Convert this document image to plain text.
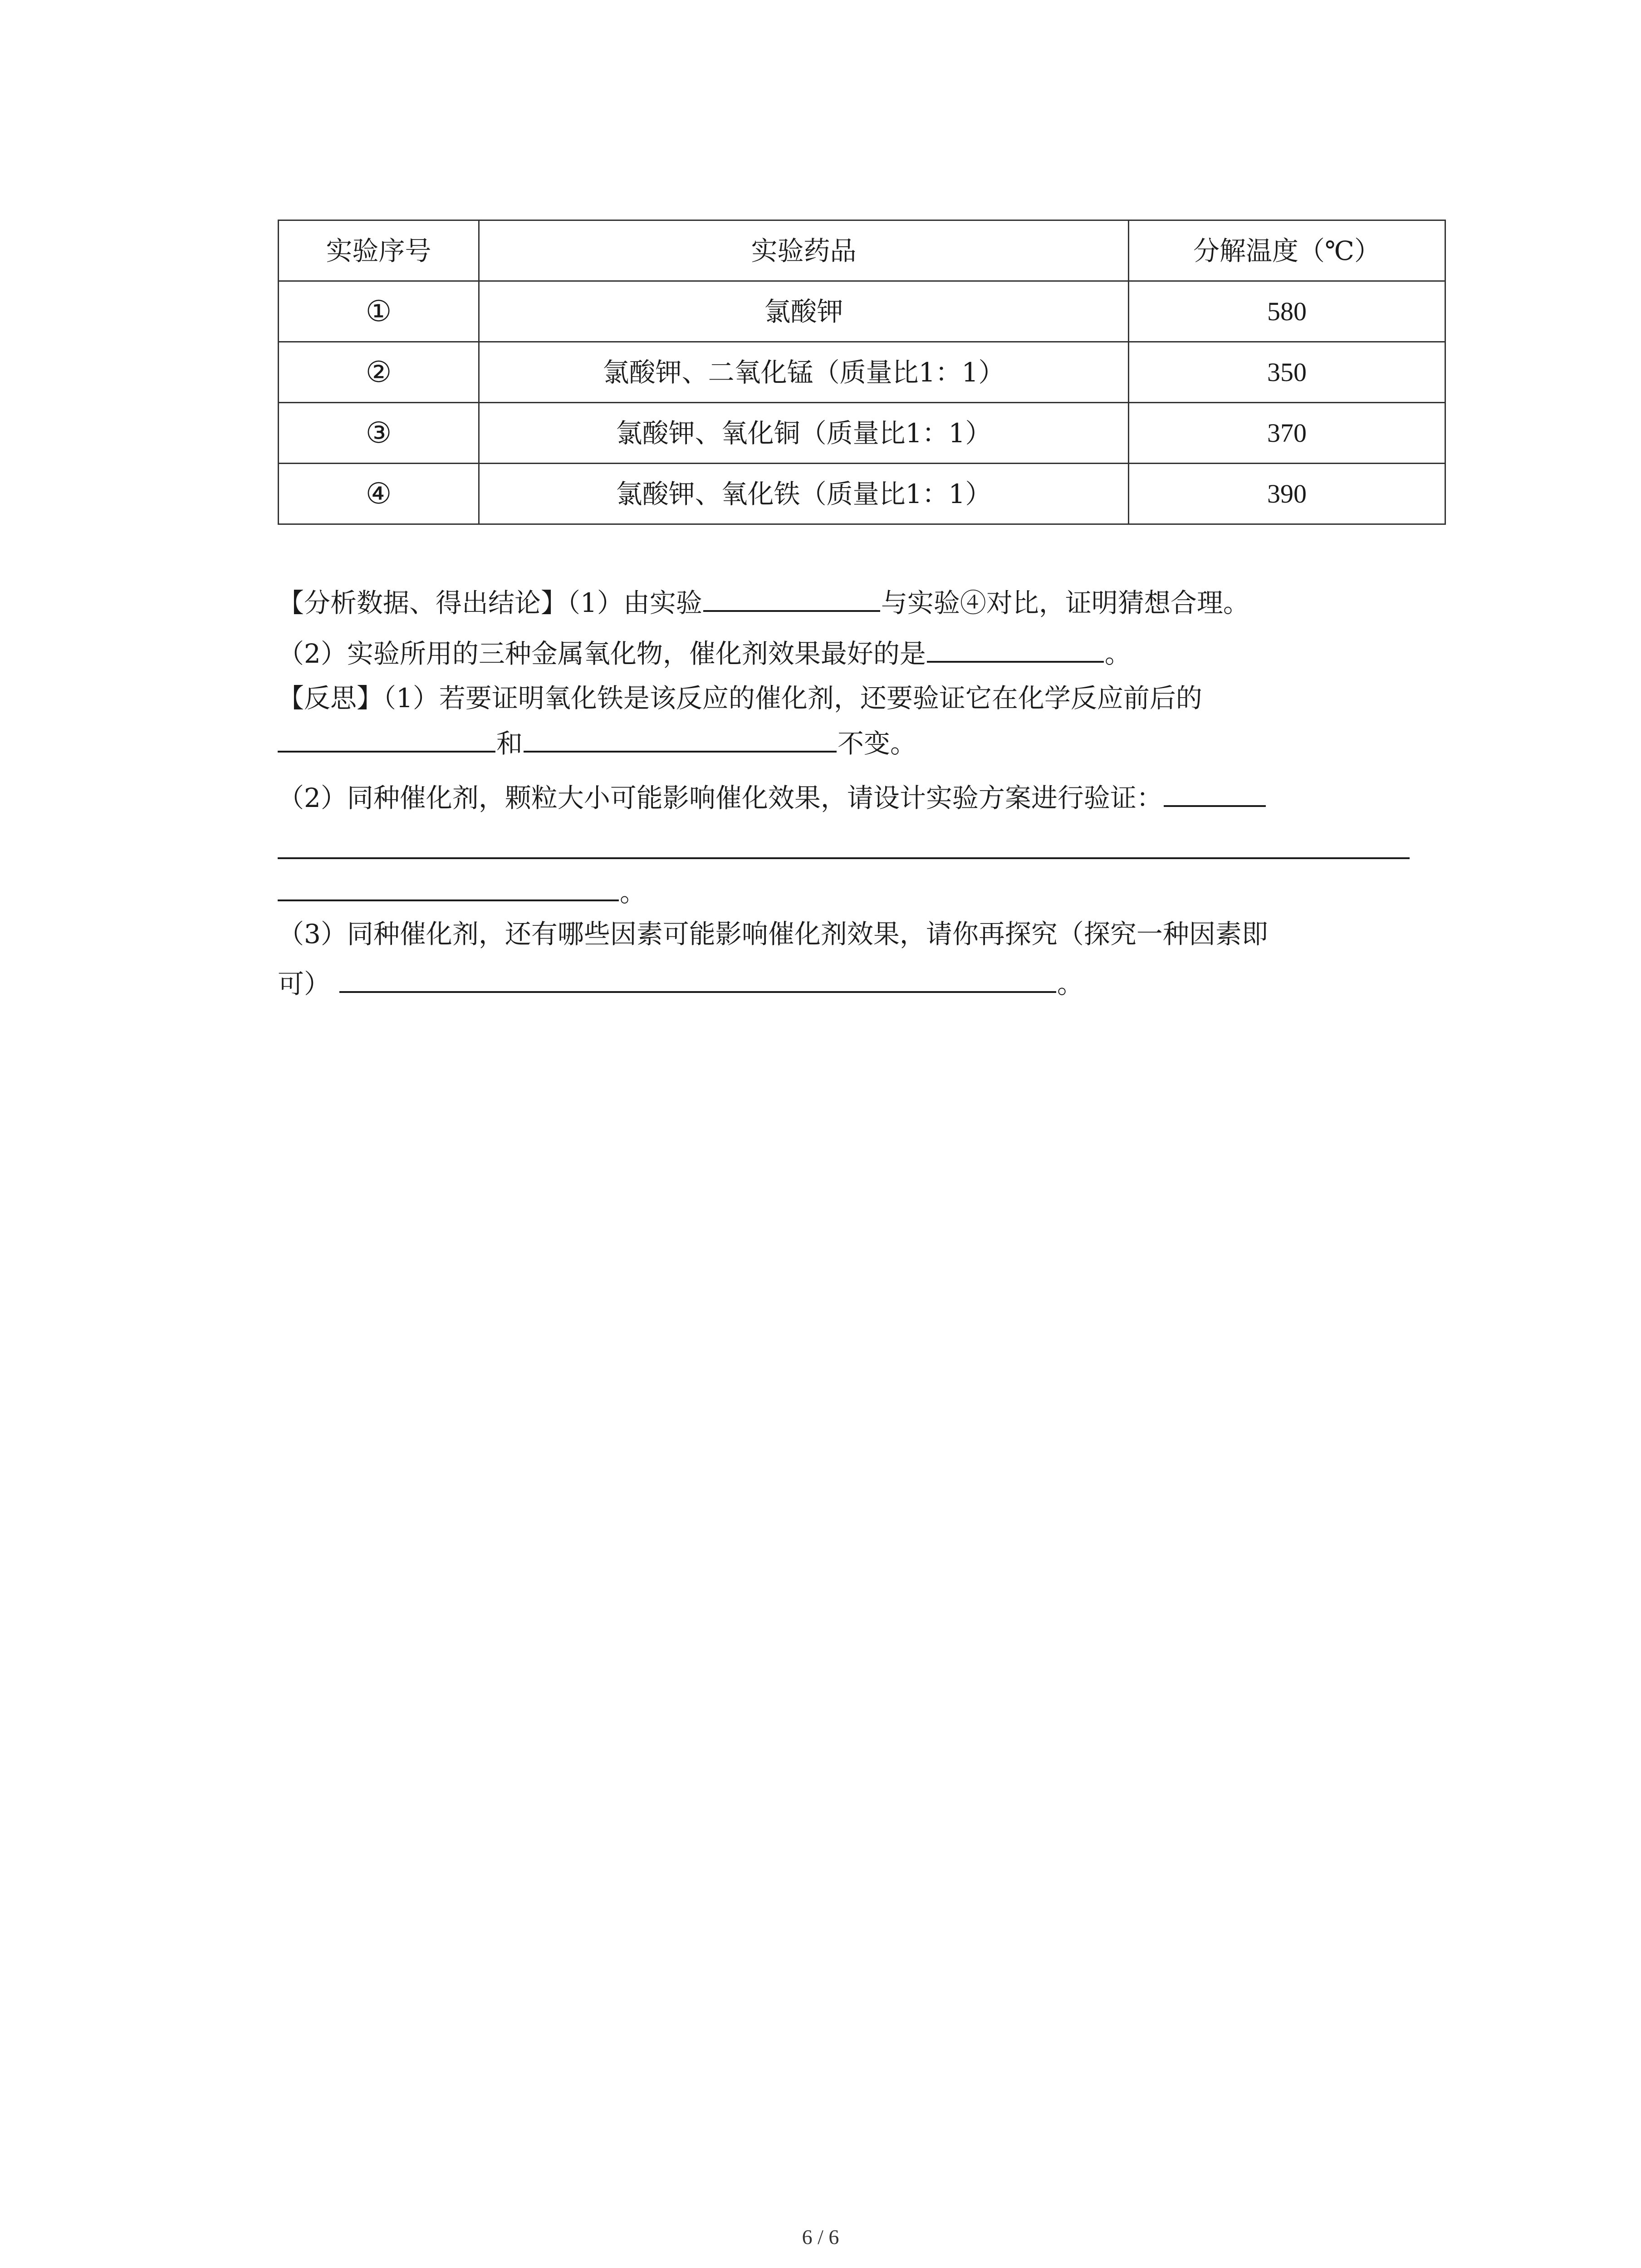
实验序号	实验药品	分解温度（℃）
①	氯酸钾	580
②	氯酸钾、二氧化锰（质量比1：1）	350
③	氯酸钾、氧化铜（质量比1：1）	370
④	氯酸钾、氧化铁（质量比1：1）	390
【分析数据、得出结论】（1）由实验	与实验④对比，证明猜想合理。
（2）实验所用的三种金属氧化物，催化剂效果最好的是	。
【反思】（1）若要证明氧化铁是该反应的催化剂，还要验证它在化学反应前后的
和	不变。
（2）同种催化剂，颗粒大小可能影响催化效果，请设计实验方案进行验证：
。
（3）同种催化剂，还有哪些因素可能影响催化剂效果，请你再探究（探究一种因素即
可）	。
6 / 6
